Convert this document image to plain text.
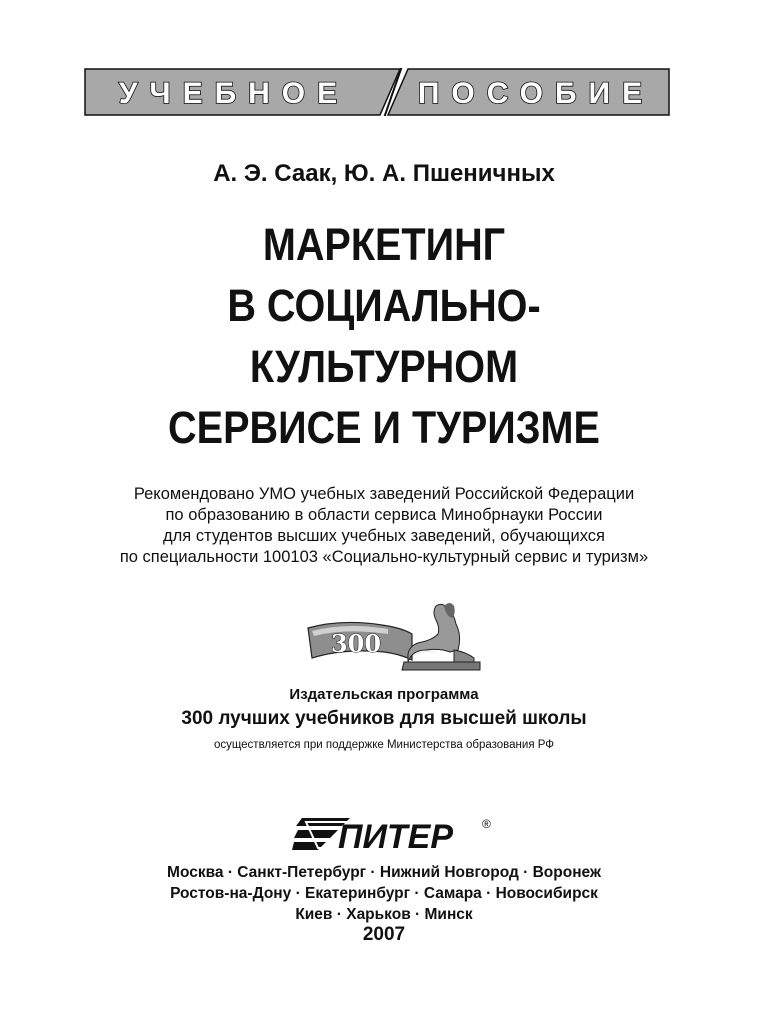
УЧЕБНОЕ ПОСОБИЕ
А. Э. Саак, Ю. А. Пшеничных
МАРКЕТИНГ
В СОЦИАЛЬНО-
КУЛЬТУРНОМ
СЕРВИСЕ И ТУРИЗМЕ
Рекомендовано УМО учебных заведений Российской Федерации
по образованию в области сервиса Минобрнауки России
для студентов высших учебных заведений, обучающихся
по специальности 100103 «Социально-культурный сервис и туризм»
300
Издательская программа
300 лучших учебников для высшей школы
осуществляется при поддержке Министерства образования РФ
ПИТЕР ®
Москва · Санкт-Петербург · Нижний Новгород · Воронеж
Ростов-на-Дону · Екатеринбург · Самара · Новосибирск
Киев · Харьков · Минск
2007
